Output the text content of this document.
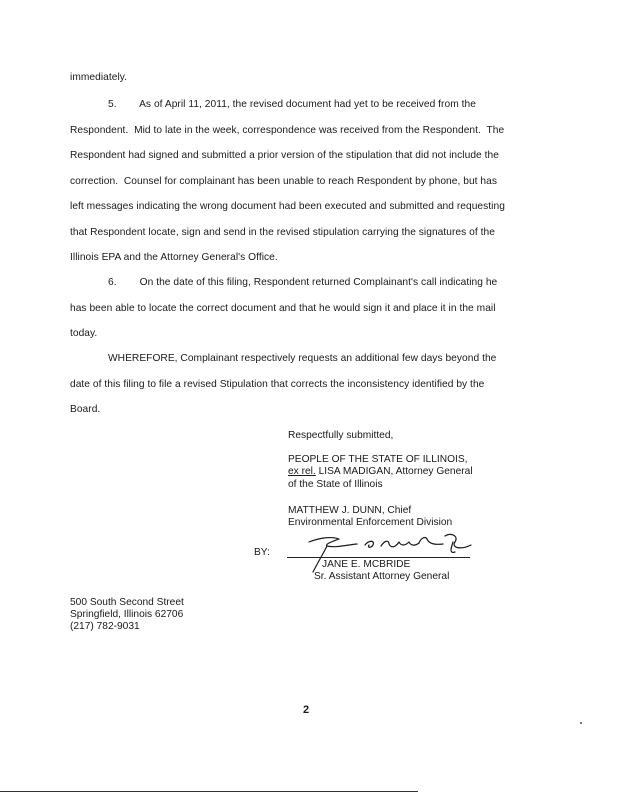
immediately.
5.        As of April 11, 2011, the revised document had yet to be received from the
Respondent.  Mid to late in the week, correspondence was received from the Respondent.  The
Respondent had signed and submitted a prior version of the stipulation that did not include the
correction.  Counsel for complainant has been unable to reach Respondent by phone, but has
left messages indicating the wrong document had been executed and submitted and requesting
that Respondent locate, sign and send in the revised stipulation carrying the signatures of the
Illinois EPA and the Attorney General's Office.
6.        On the date of this filing, Respondent returned Complainant's call indicating he
has been able to locate the correct document and that he would sign it and place it in the mail
today.
WHEREFORE, Complainant respectively requests an additional few days beyond the
date of this filing to file a revised Stipulation that corrects the inconsistency identified by the
Board.
Respectfully submitted,
PEOPLE OF THE STATE OF ILLINOIS,
ex rel. LISA MADIGAN, Attorney General
of the State of Illinois
MATTHEW J. DUNN, Chief
Environmental Enforcement Division
BY:
JANE E. MCBRIDE
Sr. Assistant Attorney General
500 South Second Street
Springfield, Illinois 62706
(217) 782-9031
2
